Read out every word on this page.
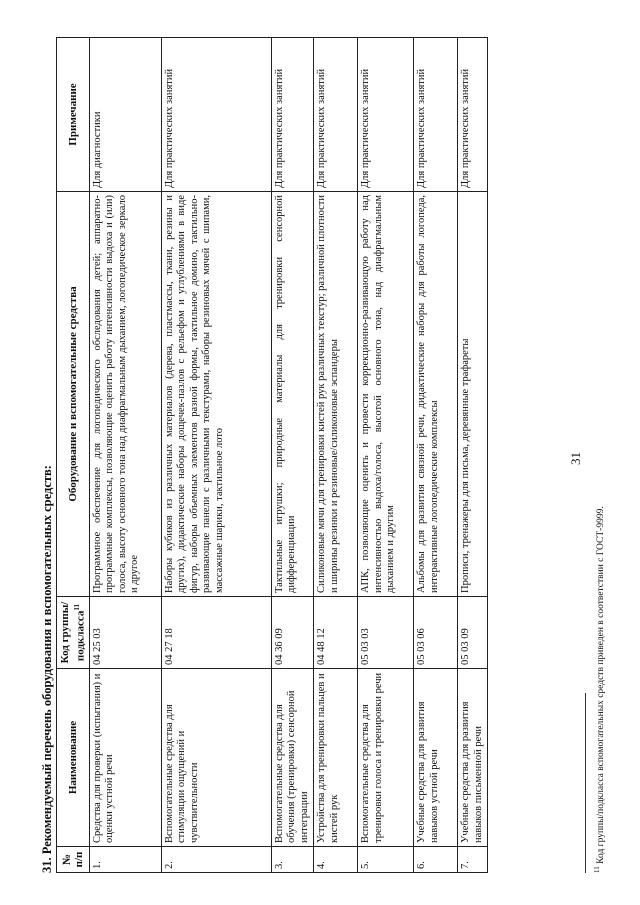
31
31. Рекомендуемый перечень оборудования и вспомогательных средств: № п/п	Наименование	Код группы/ подкласса$^{11}$	Оборудование и вспомогательные средства	Примечание
1.	Средства для проверки (испытания) и оценки устной речи	04 25 03	Программное обеспечение для логопедического обследования детей; аппаратно-программные комплексы, позволяющие оценить работу интенсивности выдоха и (или) голоса, высоту основного тона над диафрагмальным дыханием, логопедическое зеркало и другое	Для диагностики
2.	Вспомогательные средства для стимуляции ощущений и чувствительности	04 27 18	Наборы кубиков из различных материалов (дерева, пластмассы, ткани, резины и других), дидактические наборы дощечек-пазлов с рельефом и углублениями в виде фигур, наборы объемных элементов разной формы, тактильное домино, тактильно-развивающие панели с различными текстурами, наборы резиновых мячей с шипами, массажные шарики, тактильное лото	Для практических занятий
3.	Вспомогательные средства для обучения (тренировки) сенсорной интеграции	04 36 09	Тактильные игрушки; природные материалы для тренировки сенсорной дифференциации	Для практических занятий
4.	Устройства для тренировки пальцев и кистей рук	04 48 12	Силиконовые мячи для тренировки кистей рук различных текстур; различной плотности и ширины резинки и резиновые/силиконовые эспандеры	Для практических занятий
5.	Вспомогательные средства для тренировки голоса и тренировки речи	05 03 03	АПК, позволяющие оценить и провести коррекционно-развивающую работу над интенсивностью выдоха/голоса, высотой основного тона, над диафрагмальным дыханием и другим	Для практических занятий
6.	Учебные средства для развития навыков устной речи	05 03 06	Альбомы для развития связной речи, дидактические наборы для работы логопеда, интерактивные логопедические комплексы	Для практических занятий
7.	Учебные средства для развития навыков письменной речи	05 03 09	Прописи, тренажеры для письма, деревянные трафареты	Для практических занятий
$^{11}$ Код группы/подкласса вспомогательных средств приведен в соответствии с ГОСТ-9999.
